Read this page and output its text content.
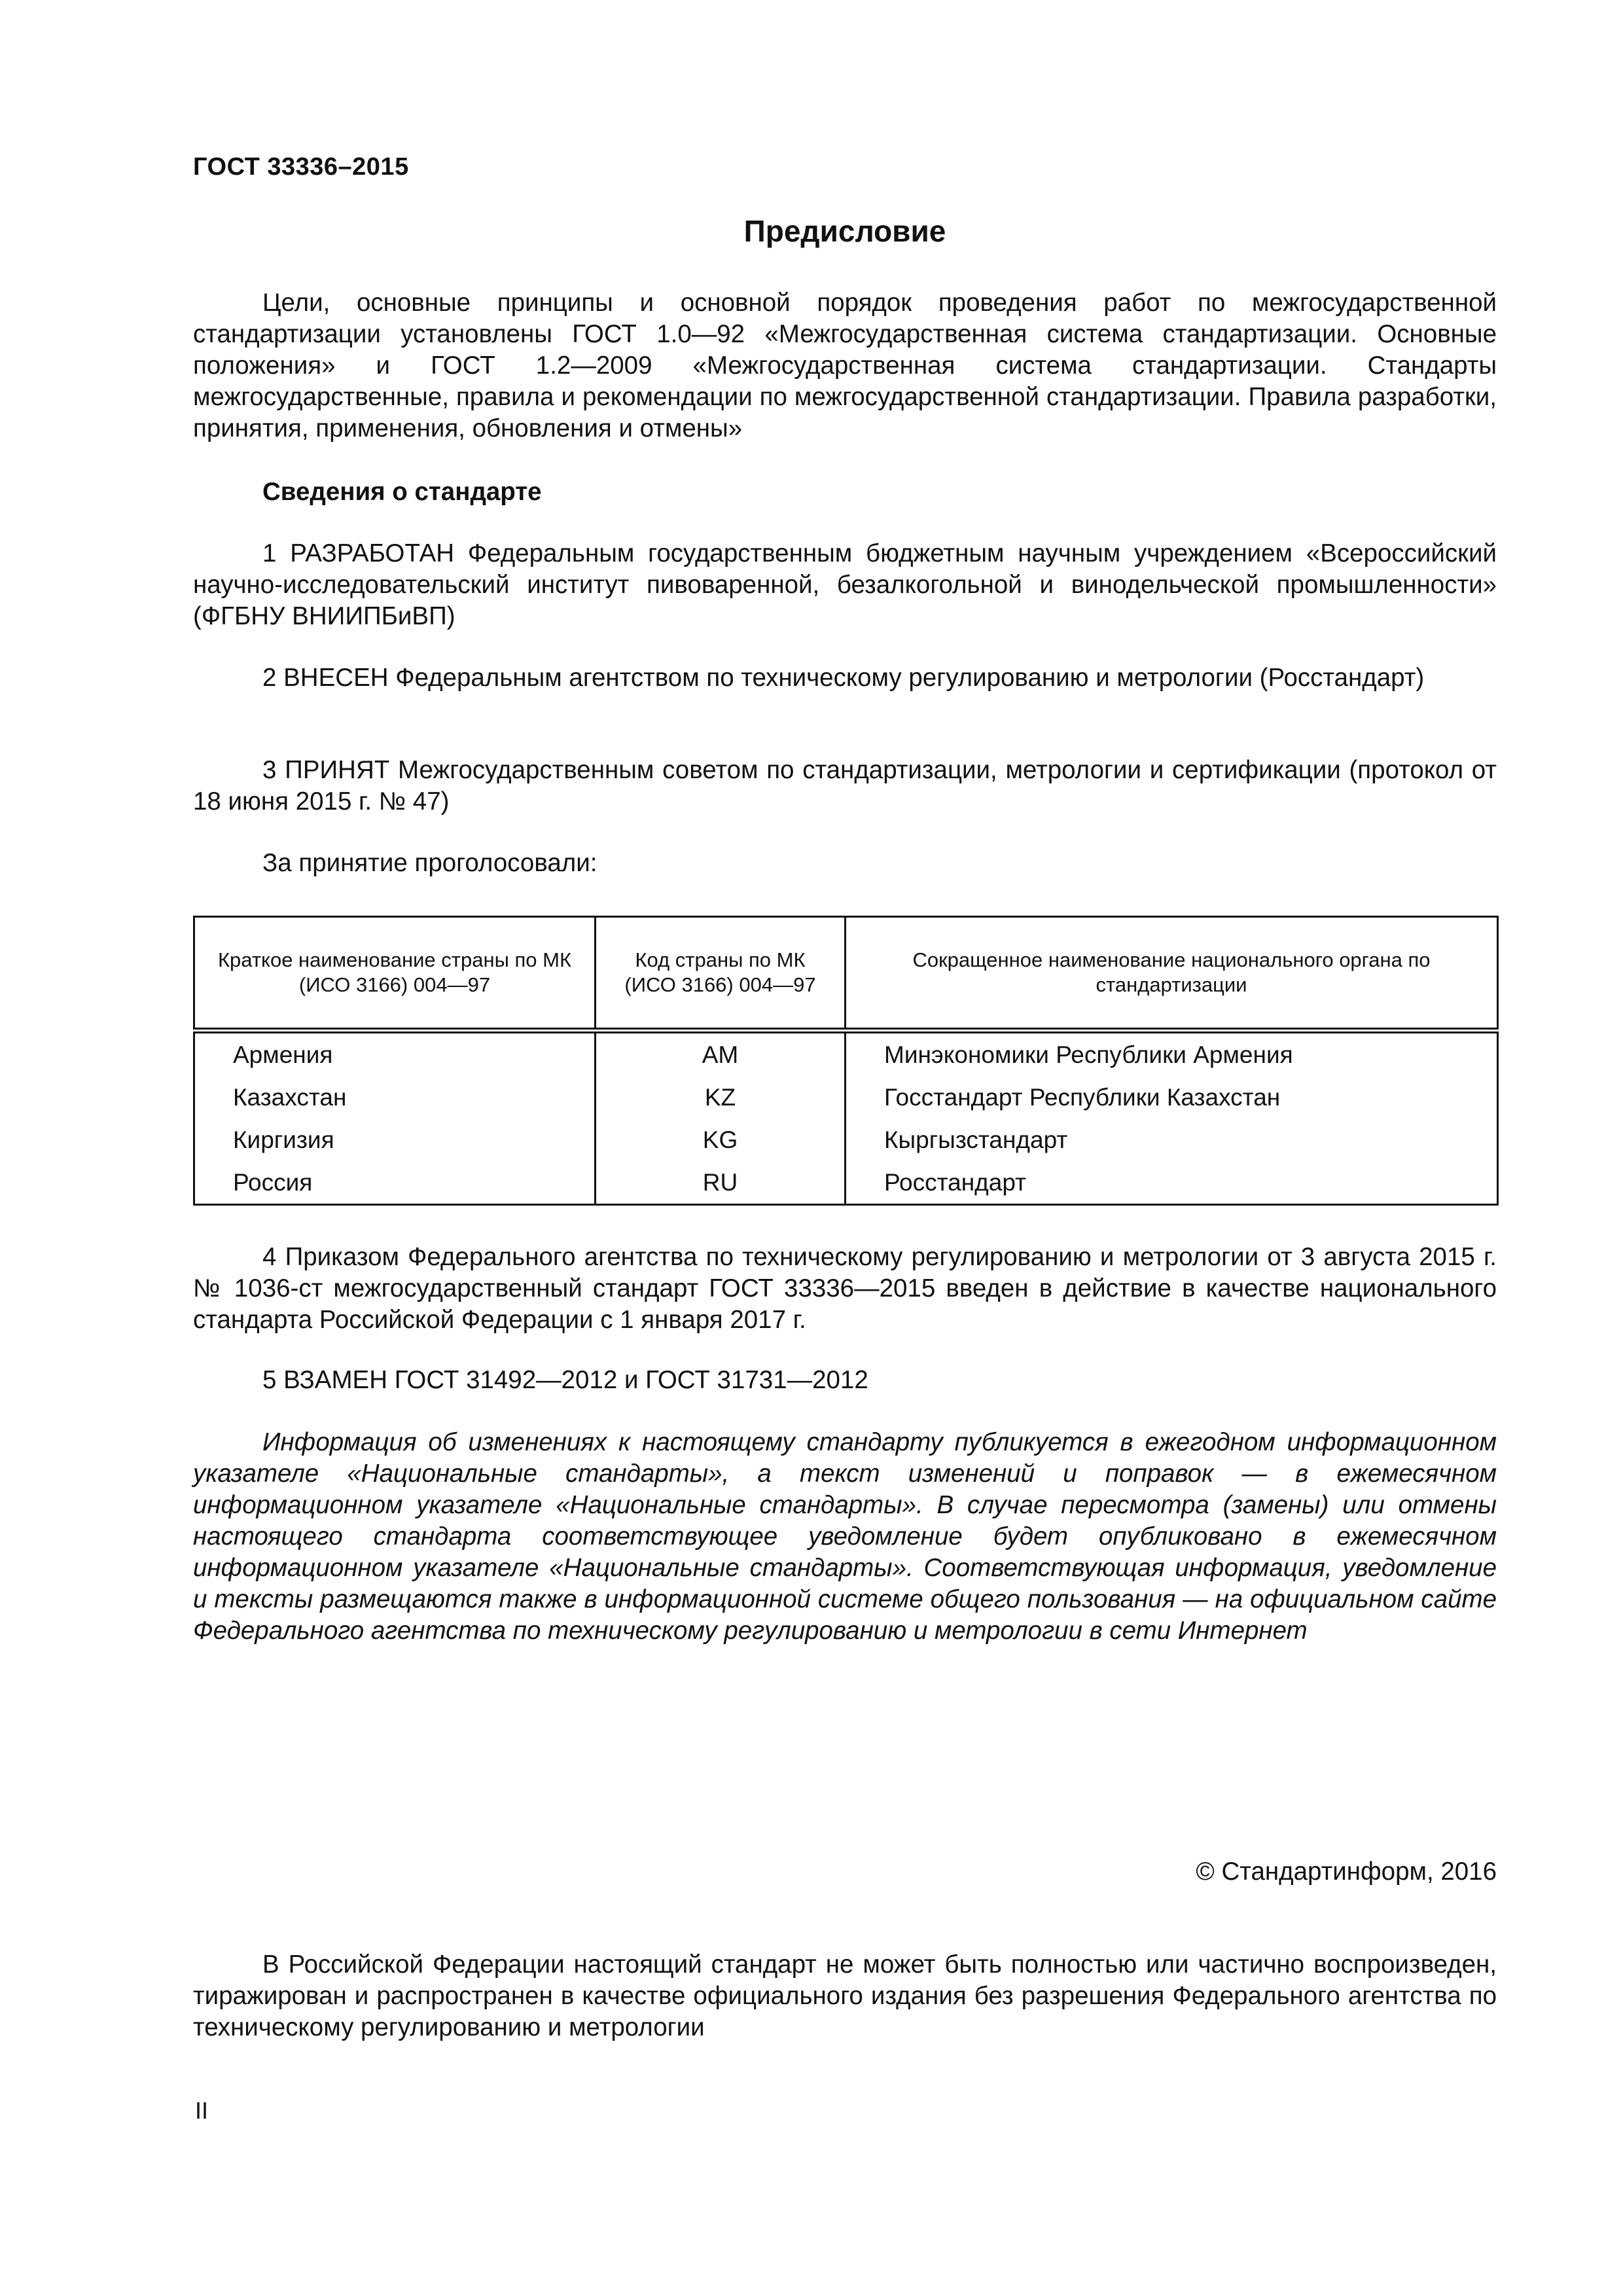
ГОСТ 33336–2015
Предисловие
Цели, основные принципы и основной порядок проведения работ по межгосударственной стандартизации установлены ГОСТ 1.0—92 «Межгосударственная система стандартизации. Основные положения» и ГОСТ 1.2—2009 «Межгосударственная система стандартизации. Стандарты межгосударственные, правила и рекомендации по межгосударственной стандартизации. Правила разработки, принятия, применения, обновления и отмены»
Сведения о стандарте
1 РАЗРАБОТАН Федеральным государственным бюджетным научным учреждением «Всероссийский научно-исследовательский институт пивоваренной, безалкогольной и винодельческой промышленности» (ФГБНУ ВНИИПБиВП)
2 ВНЕСЕН Федеральным агентством по техническому регулированию и метрологии (Росстандарт)
3 ПРИНЯТ Межгосударственным советом по стандартизации, метрологии и сертификации (протокол от 18 июня 2015 г. № 47)
За принятие проголосовали:
Краткое наименование страны по МК (ИСО 3166) 004—97	Код страны по МК (ИСО 3166) 004—97	Сокращенное наименование национального органа по стандартизации
Армения	AM	Минэкономики Республики Армения
Казахстан	KZ	Госстандарт Республики Казахстан
Киргизия	KG	Кыргызстандарт
Россия	RU	Росстандарт
4 Приказом Федерального агентства по техническому регулированию и метрологии от 3 августа 2015 г. № 1036-ст межгосударственный стандарт ГОСТ 33336—2015 введен в действие в качестве национального стандарта Российской Федерации с 1 января 2017 г.
5 ВЗАМЕН ГОСТ 31492—2012 и ГОСТ 31731—2012
Информация об изменениях к настоящему стандарту публикуется в ежегодном информационном указателе «Национальные стандарты», а текст изменений и поправок — в ежемесячном информационном указателе «Национальные стандарты». В случае пересмотра (замены) или отмены настоящего стандарта соответствующее уведомление будет опубликовано в ежемесячном информационном указателе «Национальные стандарты». Соответствующая информация, уведомление и тексты размещаются также в информационной системе общего пользования — на официальном сайте Федерального агентства по техническому регулированию и метрологии в сети Интернет
© Стандартинформ, 2016
В Российской Федерации настоящий стандарт не может быть полностью или частично воспроизведен, тиражирован и распространен в качестве официального издания без разрешения Федерального агентства по техническому регулированию и метрологии
II
